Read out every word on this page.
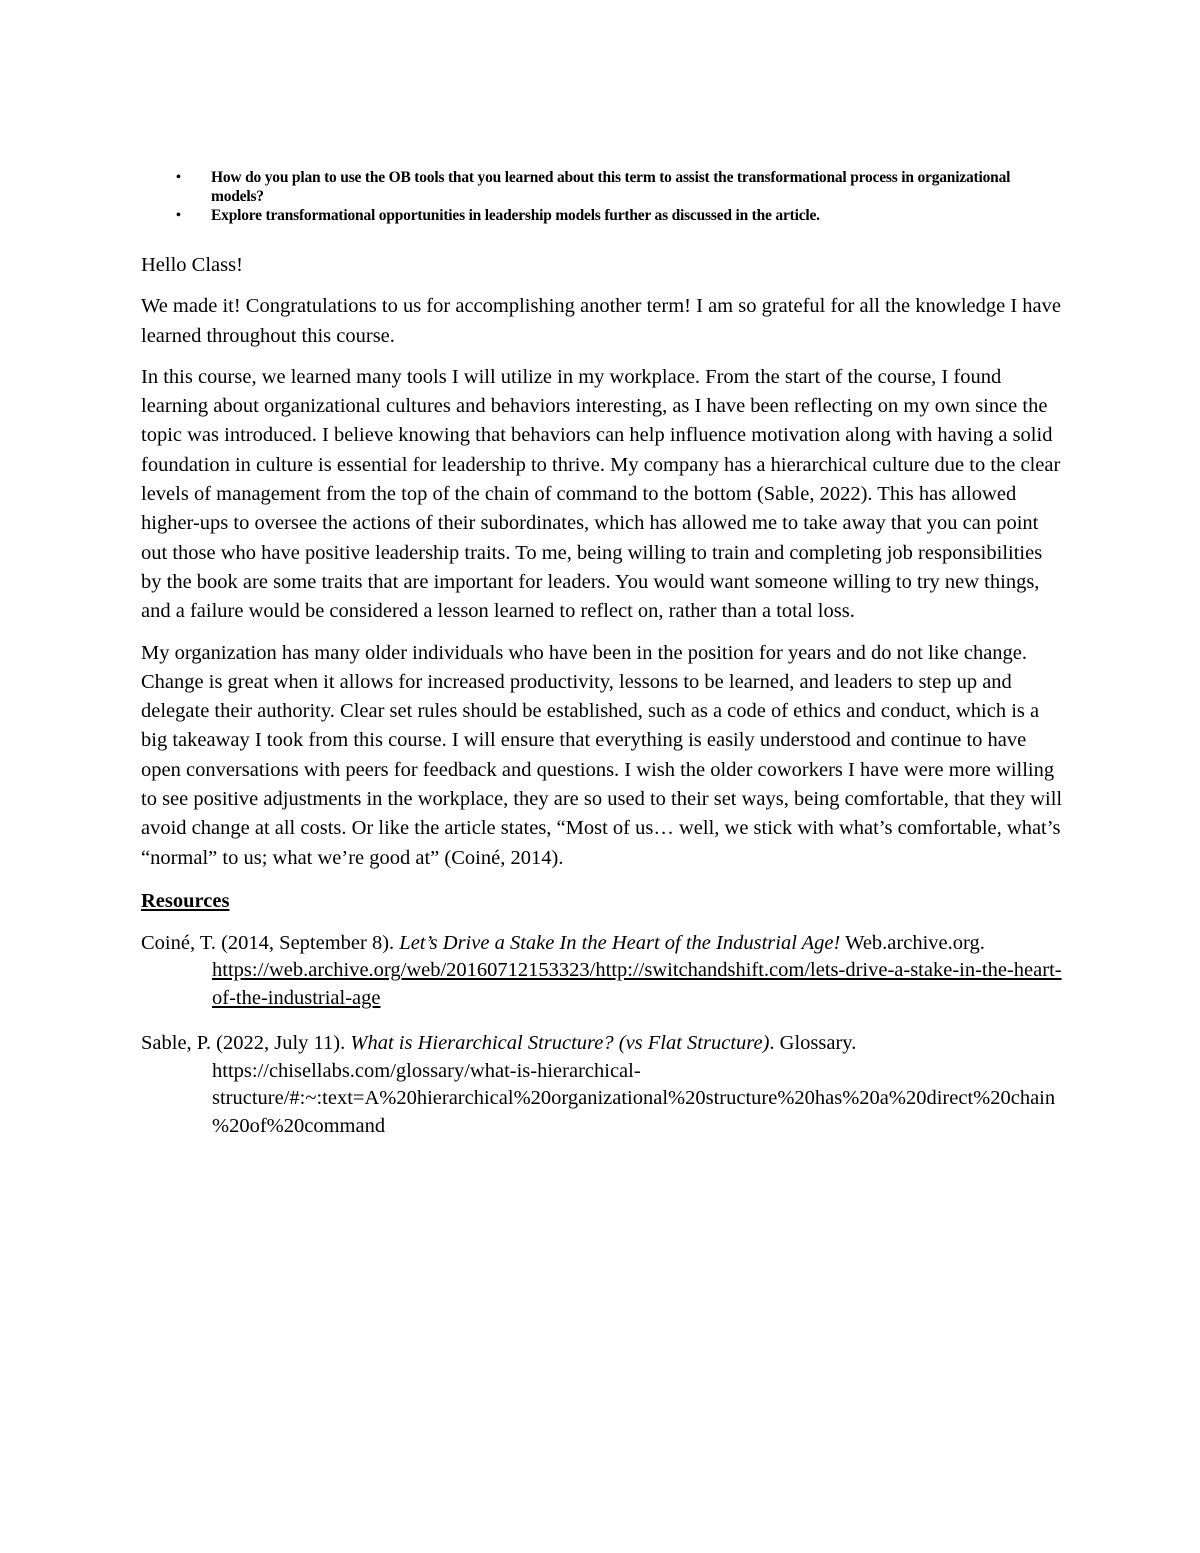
• How do you plan to use the OB tools that you learned about this term to assist the transformational process in organizational models?
• Explore transformational opportunities in leadership models further as discussed in the article.

Hello Class!

We made it! Congratulations to us for accomplishing another term! I am so grateful for all the knowledge I have learned throughout this course.

In this course, we learned many tools I will utilize in my workplace. From the start of the course, I found learning about organizational cultures and behaviors interesting, as I have been reflecting on my own since the topic was introduced. I believe knowing that behaviors can help influence motivation along with having a solid foundation in culture is essential for leadership to thrive. My company has a hierarchical culture due to the clear levels of management from the top of the chain of command to the bottom (Sable, 2022). This has allowed higher-ups to oversee the actions of their subordinates, which has allowed me to take away that you can point out those who have positive leadership traits. To me, being willing to train and completing job responsibilities by the book are some traits that are important for leaders. You would want someone willing to try new things, and a failure would be considered a lesson learned to reflect on, rather than a total loss.

My organization has many older individuals who have been in the position for years and do not like change. Change is great when it allows for increased productivity, lessons to be learned, and leaders to step up and delegate their authority. Clear set rules should be established, such as a code of ethics and conduct, which is a big takeaway I took from this course. I will ensure that everything is easily understood and continue to have open conversations with peers for feedback and questions. I wish the older coworkers I have were more willing to see positive adjustments in the workplace, they are so used to their set ways, being comfortable, that they will avoid change at all costs. Or like the article states, “Most of us… well, we stick with what’s comfortable, what’s “normal” to us; what we’re good at” (Coiné, 2014).

Resources

Coiné, T. (2014, September 8). Let’s Drive a Stake In the Heart of the Industrial Age! Web.archive.org. https://web.archive.org/web/20160712153323/http://switchandshift.com/lets-drive-a-stake-in-the-heart-of-the-industrial-age

Sable, P. (2022, July 11). What is Hierarchical Structure? (vs Flat Structure). Glossary. https://chisellabs.com/glossary/what-is-hierarchical-structure/#:~:text=A%20hierarchical%20organizational%20structure%20has%20a%20direct%20chain%20of%20command
